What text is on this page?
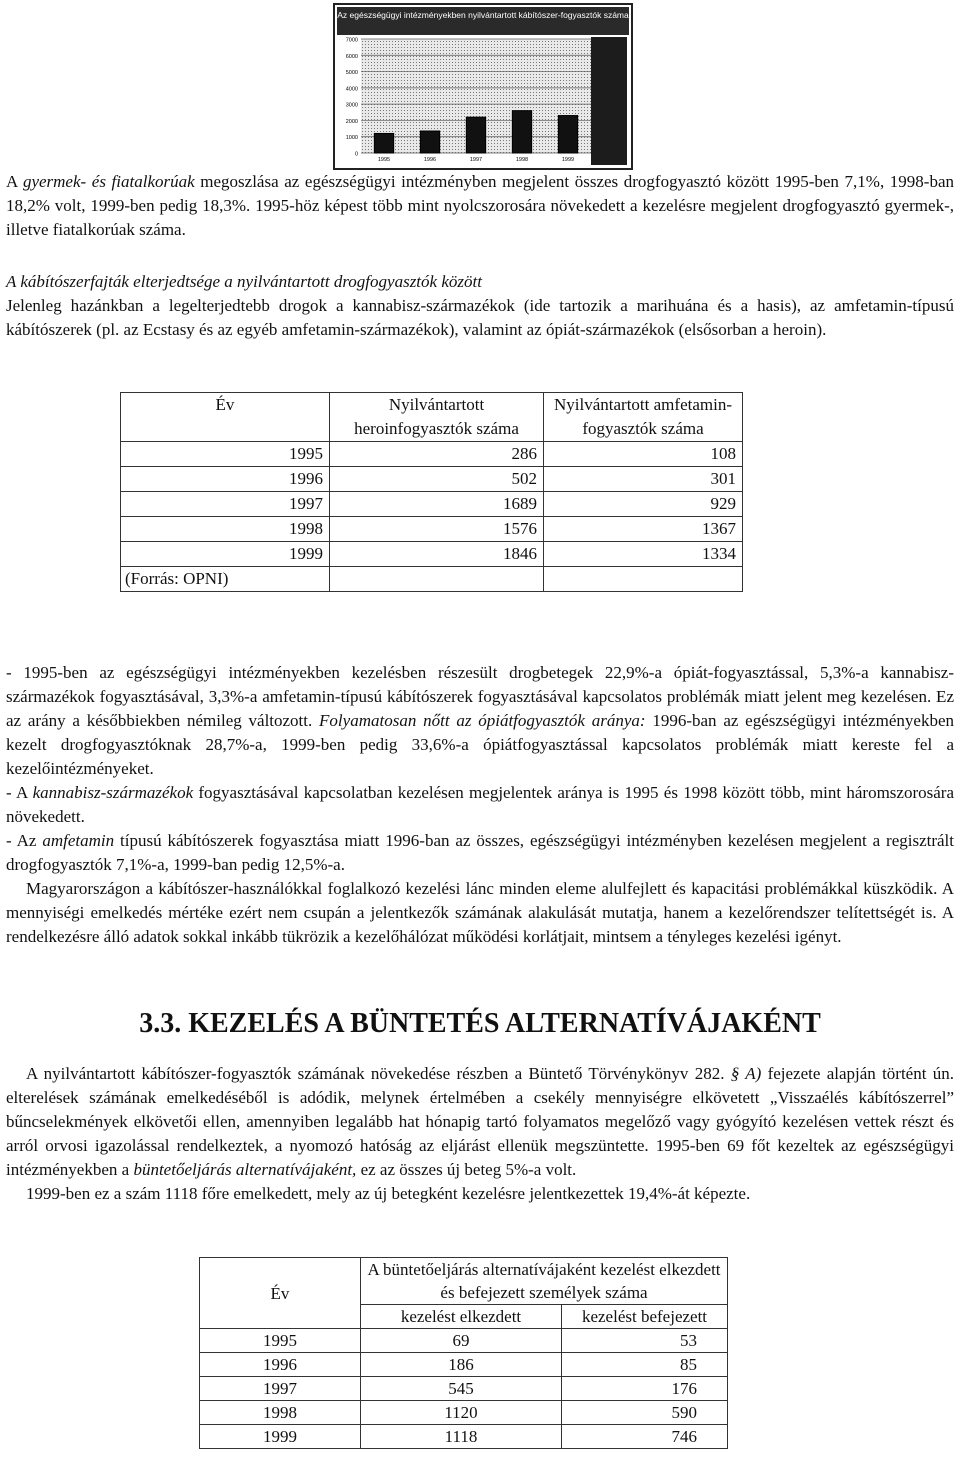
Az egészségügyi intézményekben nyilvántartott kábítószer-fogyasztók száma
0
1000
2000
3000
4000
5000
6000
7000
1995	1996	1997	1998	1999

A gyermek- és fiatalkorúak megoszlása az egészségügyi intézményben megjelent összes drogfogyasztó között 1995-ben 7,1%, 1998-ban 18,2% volt, 1999-ben pedig 18,3%. 1995-höz képest több mint nyolcszorosára növekedett a kezelésre megjelent drogfogyasztó gyermek-, illetve fiatalkorúak száma.

A kábítószerfajták elterjedtsége a nyilvántartott drogfogyasztók között

Jelenleg hazánkban a legelterjedtebb drogok a kannabisz-származékok (ide tartozik a marihuána és a hasis), az amfetamin-típusú kábítószerek (pl. az Ecstasy és az egyéb amfetamin-származékok), valamint az ópiát-származékok (elsősorban a heroin).

Év	Nyilvántartott heroinfogyasztók száma	Nyilvántartott amfetamin-fogyasztók száma
1995	286	108
1996	502	301
1997	1689	929
1998	1576	1367
1999	1846	1334
(Forrás: OPNI)		

- 1995-ben az egészségügyi intézményekben kezelésben részesült drogbetegek 22,9%-a ópiát-fogyasztással, 5,3%-a kannabisz-származékok fogyasztásával, 3,3%-a amfetamin-típusú kábítószerek fogyasztásával kapcsolatos problémák miatt jelent meg kezelésen. Ez az arány a későbbiekben némileg változott. Folyamatosan nőtt az ópiátfogyasztók aránya: 1996-ban az egészségügyi intézményekben kezelt drogfogyasztóknak 28,7%-a, 1999-ben pedig 33,6%-a ópiátfogyasztással kapcsolatos problémák miatt kereste fel a kezelőintézményeket.

- A kannabisz-származékok fogyasztásával kapcsolatban kezelésen megjelentek aránya is 1995 és 1998 között több, mint háromszorosára növekedett.

- Az amfetamin típusú kábítószerek fogyasztása miatt 1996-ban az összes, egészségügyi intézményben kezelésen megjelent a regisztrált drogfogyasztók 7,1%-a, 1999-ban pedig 12,5%-a.

Magyarországon a kábítószer-használókkal foglalkozó kezelési lánc minden eleme alulfejlett és kapacitási problémákkal küszködik. A mennyiségi emelkedés mértéke ezért nem csupán a jelentkezők számának alakulását mutatja, hanem a kezelőrendszer telítettségét is. A rendelkezésre álló adatok sokkal inkább tükrözik a kezelőhálózat működési korlátjait, mintsem a tényleges kezelési igényt.

3.3. KEZELÉS A BÜNTETÉS ALTERNATÍVÁJAKÉNT

A nyilvántartott kábítószer-fogyasztók számának növekedése részben a Büntető Törvénykönyv 282. § A) fejezete alapján történt ún. elterelések számának emelkedéséből is adódik, melynek értelmében a csekély mennyiségre elkövetett „Visszaélés kábítószerrel” bűncselekmények elkövetői ellen, amennyiben legalább hat hónapig tartó folyamatos megelőző vagy gyógyító kezelésen vettek részt és arról orvosi igazolással rendelkeztek, a nyomozó hatóság az eljárást ellenük megszüntette. 1995-ben 69 főt kezeltek az egészségügyi intézményekben a büntetőeljárás alternatívájaként, ez az összes új beteg 5%-a volt.

1999-ben ez a szám 1118 főre emelkedett, mely az új betegként kezelésre jelentkezettek 19,4%-át képezte.

Év	A büntetőeljárás alternatívájaként kezelést elkezdett és befejezett személyek száma	
	kezelést elkezdett	kezelést befejezett
1995	69	53
1996	186	85
1997	545	176
1998	1120	590
1999	1118	746
